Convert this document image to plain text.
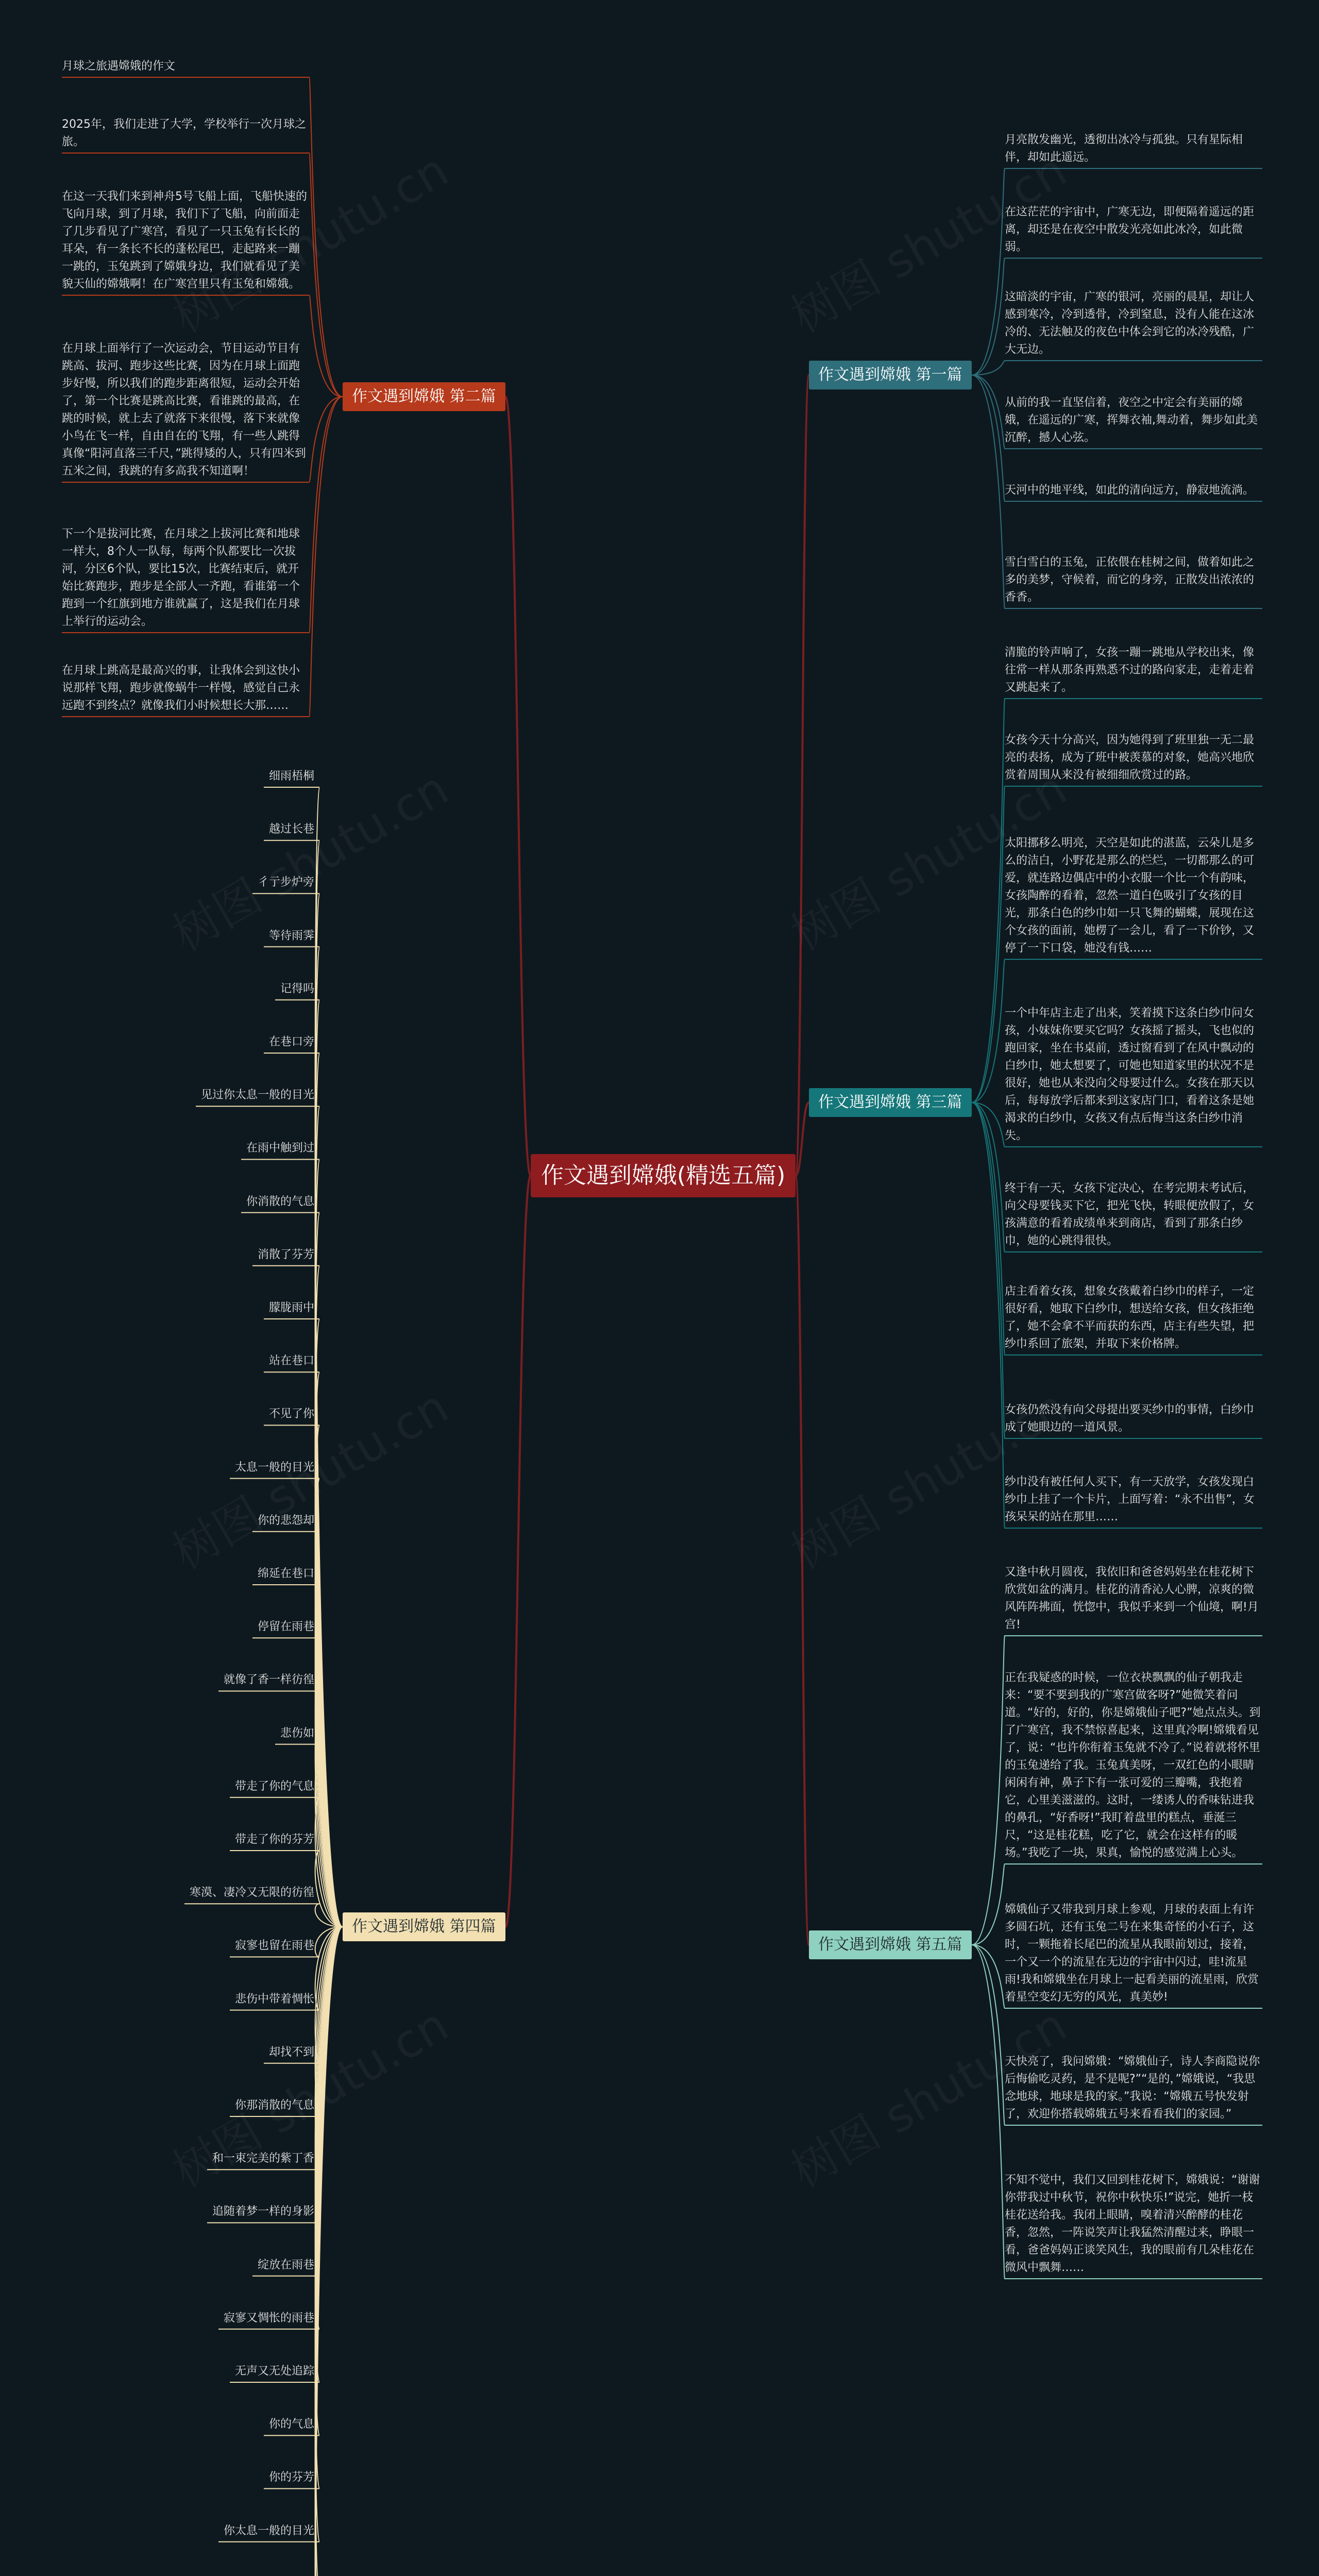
作文遇到嫦娥(精选五篇)
作文遇到嫦娥 第一篇
月亮散发幽光，透彻出冰冷与孤独。只有星际相伴，却如此遥远。
在这茫茫的宇宙中，广寒无边，即便隔着遥远的距离，却还是在夜空中散发光亮如此冰冷，如此微弱。
这暗淡的宇宙，广寒的银河，亮丽的晨星，却让人感到寒冷，冷到透骨，冷到窒息，没有人能在这冰冷的、无法触及的夜色中体会到它的冰冷残酷，广大无边。
从前的我一直坚信着，夜空之中定会有美丽的嫦娥，在遥远的广寒，挥舞衣袖,舞动着，舞步如此美沉醉，撼人心弦。
天河中的地平线，如此的清向远方，静寂地流淌。
雪白雪白的玉兔，正依偎在桂树之间，做着如此之多的美梦，守候着，而它的身旁，正散发出浓浓的香香。
作文遇到嫦娥 第二篇
月球之旅遇嫦娥的作文
2025年，我们走进了大学，学校举行一次月球之旅。
在这一天我们来到神舟5号飞船上面，飞船快速的飞向月球，到了月球，我们下了飞船，向前面走了几步看见了广寒宫，看见了一只玉兔有长长的耳朵，有一条长不长的蓬松尾巴，走起路来一蹦一跳的，玉兔跳到了嫦娥身边，我们就看见了美貌天仙的嫦娥啊！在广寒宫里只有玉兔和嫦娥。
在月球上面举行了一次运动会，节目运动节目有跳高、拔河、跑步这些比赛，因为在月球上面跑步好慢，所以我们的跑步距离很短，运动会开始了，第一个比赛是跳高比赛，看谁跳的最高，在跳的时候，就上去了就落下来很慢，落下来就像小鸟在飞一样，自由自在的飞翔，有一些人跳得真像“阳河直落三千尺，”跳得矮的人，只有四米到五米之间，我跳的有多高我不知道啊！
下一个是拔河比赛，在月球之上拔河比赛和地球一样大，8个人一队每，每两个队都要比一次拔河，分区6个队，要比15次，比赛结束后，就开始比赛跑步，跑步是全部人一齐跑，看谁第一个跑到一个红旗到地方谁就赢了，这是我们在月球上举行的运动会。
在月球上跳高是最高兴的事，让我体会到这快小说那样飞翔，跑步就像蜗牛一样慢，感觉自己永远跑不到终点？就像我们小时候想长大那……
作文遇到嫦娥 第三篇
清脆的铃声响了，女孩一蹦一跳地从学校出来，像往常一样从那条再熟悉不过的路向家走，走着走着又跳起来了。
女孩今天十分高兴，因为她得到了班里独一无二最亮的表扬，成为了班中被羡慕的对象，她高兴地欣赏着周围从来没有被细细欣赏过的路。
太阳挪移么明亮，天空是如此的湛蓝，云朵儿是多么的洁白，小野花是那么的烂烂，一切都那么的可爱，就连路边偶店中的小衣服一个比一个有韵味，女孩陶醉的看着，忽然一道白色吸引了女孩的目光，那条白色的纱巾如一只飞舞的蝴蝶，展现在这个女孩的面前，她楞了一会儿，看了一下价钞，又停了一下口袋，她没有钱……
一个中年店主走了出来，笑着摸下这条白纱巾问女孩，小妹妹你要买它吗？女孩摇了摇头，飞也似的跑回家，坐在书桌前，透过窗看到了在风中飘动的白纱巾，她太想要了，可她也知道家里的状况不是很好，她也从来没向父母要过什么。女孩在那天以后，每每放学后都来到这家店门口，看着这条是她渴求的白纱巾，女孩又有点后悔当这条白纱巾消失。
终于有一天，女孩下定决心，在考完期末考试后，向父母要钱买下它，把光飞快，转眼便放假了，女孩满意的看着成绩单来到商店，看到了那条白纱巾，她的心跳得很快。
店主看着女孩，想象女孩戴着白纱巾的样子，一定很好看，她取下白纱巾，想送给女孩，但女孩拒绝了，她不会拿不平而获的东西，店主有些失望，把纱巾系回了旅架，并取下来价格牌。
女孩仍然没有向父母提出要买纱巾的事情，白纱巾成了她眼边的一道风景。
纱巾没有被任何人买下，有一天放学，女孩发现白纱巾上挂了一个卡片，上面写着：“永不出售”，女孩呆呆的站在那里……
作文遇到嫦娥 第四篇
细雨梧桐
越过长巷
彳亍步炉旁
等待雨霁
记得吗
在巷口旁
见过你太息一般的目光
在雨中触到过
你消散的气息
消散了芬芳
朦胧雨中
站在巷口
不见了你
太息一般的目光
你的悲怨却
绵延在巷口
停留在雨巷
就像了香一样彷徨
悲伤如
带走了你的气息
带走了你的芬芳
寒漠、凄冷又无限的彷徨
寂寥也留在雨巷
悲伤中带着惆怅
却找不到
你那消散的气息
和一束完美的紫丁香
追随着梦一样的身影
绽放在雨巷
寂寥又惆怅的雨巷
无声又无处追踪
你的气息
你的芬芳
你太息一般的目光
作文遇到嫦娥 第五篇
又逢中秋月圆夜，我依旧和爸爸妈妈坐在桂花树下欣赏如盆的满月。桂花的清香沁人心脾，凉爽的微风阵阵拂面，恍惚中，我似乎来到一个仙境，啊!月宫!
正在我疑惑的时候，一位衣袂飘飘的仙子朝我走来：“要不要到我的广寒宫做客呀?”她微笑着问道。“好的，好的，你是嫦娥仙子吧?”她点点头。到了广寒宫，我不禁惊喜起来，这里真冷啊!嫦娥看见了，说：“也许你衔着玉兔就不冷了。”说着就将怀里的玉兔递给了我。玉兔真美呀，一双红色的小眼睛闲闲有神，鼻子下有一张可爱的三瓣嘴，我抱着它，心里美滋滋的。这时，一缕诱人的香味钻进我的鼻孔，“好香呀!”我盯着盘里的糕点，垂涎三尺，“这是桂花糕，吃了它，就会在这样有的暖场。”我吃了一块，果真，愉悦的感觉满上心头。
嫦娥仙子又带我到月球上参观，月球的表面上有许多圆石坑，还有玉兔二号在来集奇怪的小石子，这时，一颗拖着长尾巴的流星从我眼前划过，接着，一个又一个的流星在无边的宇宙中闪过，哇!流星雨!我和嫦娥坐在月球上一起看美丽的流星雨，欣赏着星空变幻无穷的风光，真美妙!
天快亮了，我问嫦娥：“嫦娥仙子，诗人李商隐说你后悔偷吃灵药，是不是呢?”“是的，”嫦娥说，“我思念地球，地球是我的家。”我说：“嫦娥五号快发射了，欢迎你搭载嫦娥五号来看看我们的家园。”
不知不觉中，我们又回到桂花树下，嫦娥说：“谢谢你带我过中秋节，祝你中秋快乐!”说完，她折一枝桂花送给我。我闭上眼睛，嗅着清兴醉酵的桂花香，忽然，一阵说笑声让我猛然清醒过来，睁眼一看，爸爸妈妈正谈笑风生，我的眼前有几朵桂花在微风中飘舞……
